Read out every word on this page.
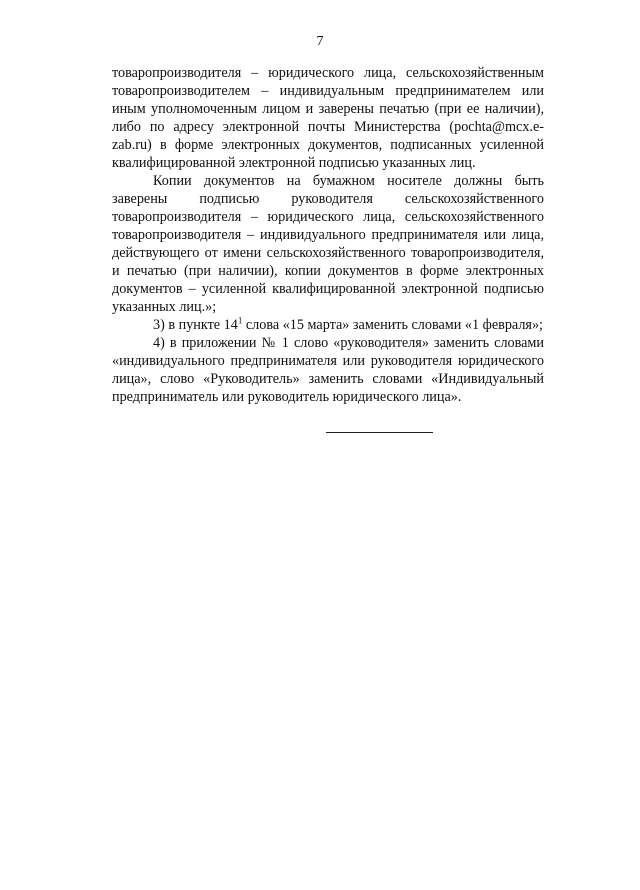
7

товаропроизводителя – юридического лица, сельскохозяйственным товаропроизводителем – индивидуальным предпринимателем или иным уполномоченным лицом и заверены печатью (при ее наличии), либо по адресу электронной почты Министерства (pochta@mcx.e-zab.ru) в форме электронных документов, подписанных усиленной квалифицированной электронной подписью указанных лиц.

Копии документов на бумажном носителе должны быть заверены подписью руководителя сельскохозяйственного товаропроизводителя – юридического лица, сельскохозяйственного товаропроизводителя – индивидуального предпринимателя или лица, действующего от имени сельскохозяйственного товаропроизводителя, и печатью (при наличии), копии документов в форме электронных документов – усиленной квалифицированной электронной подписью указанных лиц.»;

3) в пункте $14^1$ слова «15 марта» заменить словами «1 февраля»;

4) в приложении № 1 слово «руководителя» заменить словами «индивидуального предпринимателя или руководителя юридического лица», слово «Руководитель» заменить словами «Индивидуальный предприниматель или руководитель юридического лица».
